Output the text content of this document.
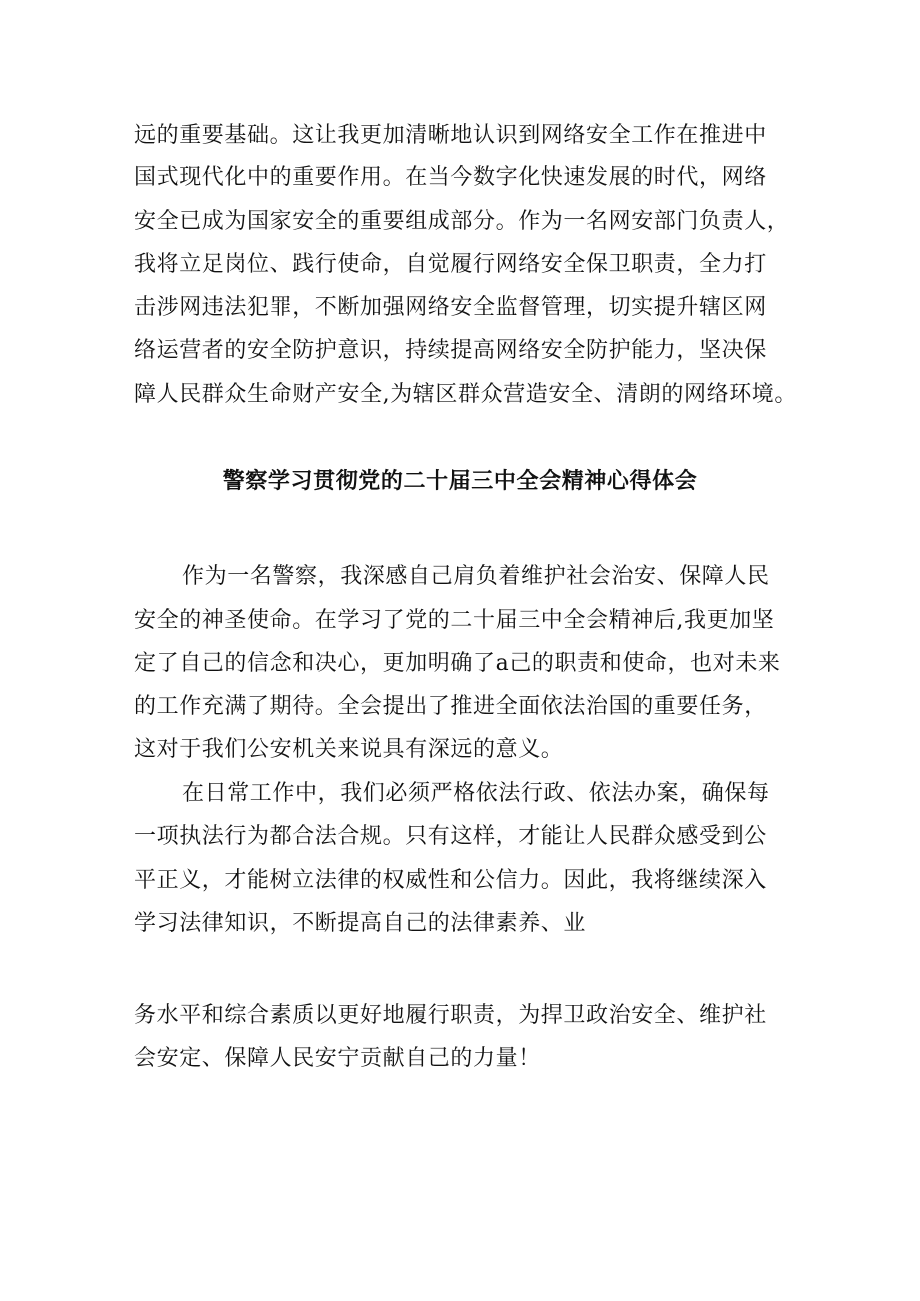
远的重要基础。这让我更加清晰地认识到网络安全工作在推进中
国式现代化中的重要作用。在当今数字化快速发展的时代，网络
安全已成为国家安全的重要组成部分。作为一名网安部门负责人，
我将立足岗位、践行使命，自觉履行网络安全保卫职责，全力打
击涉网违法犯罪，不断加强网络安全监督管理，切实提升辖区网
络运营者的安全防护意识，持续提高网络安全防护能力，坚决保
障人民群众生命财产安全,为辖区群众营造安全、清朗的网络环境。
警察学习贯彻党的二十届三中全会精神心得体会
作为一名警察，我深感自己肩负着维护社会治安、保障人民
安全的神圣使命。在学习了党的二十届三中全会精神后,我更加坚
定了自己的信念和决心，更加明确了a己的职责和使命，也对未来
的工作充满了期待。全会提出了推进全面依法治国的重要任务，
这对于我们公安机关来说具有深远的意义。
在日常工作中，我们必须严格依法行政、依法办案，确保每
一项执法行为都合法合规。只有这样，才能让人民群众感受到公
平正义，才能树立法律的权威性和公信力。因此，我将继续深入
学习法律知识，不断提高自己的法律素养、业
务水平和综合素质以更好地履行职责，为捍卫政治安全、维护社
会安定、保障人民安宁贡献自己的力量！
